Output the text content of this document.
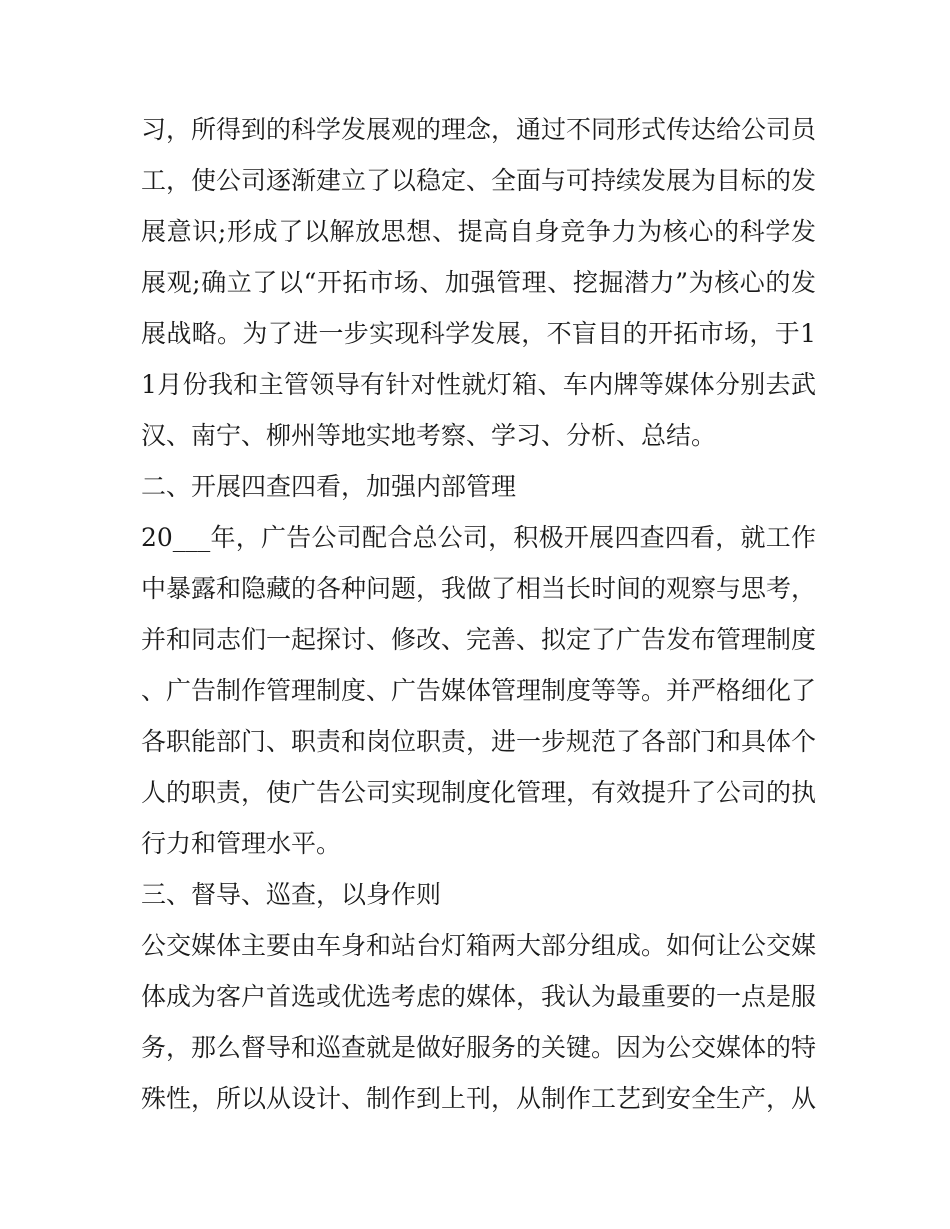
习，所得到的科学发展观的理念，通过不同形式传达给公司员工，使公司逐渐建立了以稳定、全面与可持续发展为目标的发展意识;形成了以解放思想、提高自身竞争力为核心的科学发展观;确立了以“开拓市场、加强管理、挖掘潜力”为核心的发展战略。为了进一步实现科学发展，不盲目的开拓市场，于11月份我和主管领导有针对性就灯箱、车内牌等媒体分别去武汉、南宁、柳州等地实地考察、学习、分析、总结。

二、开展四查四看，加强内部管理

20___年，广告公司配合总公司，积极开展四查四看，就工作中暴露和隐藏的各种问题，我做了相当长时间的观察与思考，并和同志们一起探讨、修改、完善、拟定了广告发布管理制度、广告制作管理制度、广告媒体管理制度等等。并严格细化了各职能部门、职责和岗位职责，进一步规范了各部门和具体个人的职责，使广告公司实现制度化管理，有效提升了公司的执行力和管理水平。

三、督导、巡查，以身作则

公交媒体主要由车身和站台灯箱两大部分组成。如何让公交媒体成为客户首选或优选考虑的媒体，我认为最重要的一点是服务，那么督导和巡查就是做好服务的关键。因为公交媒体的特殊性，所以从设计、制作到上刊，从制作工艺到安全生产，从
